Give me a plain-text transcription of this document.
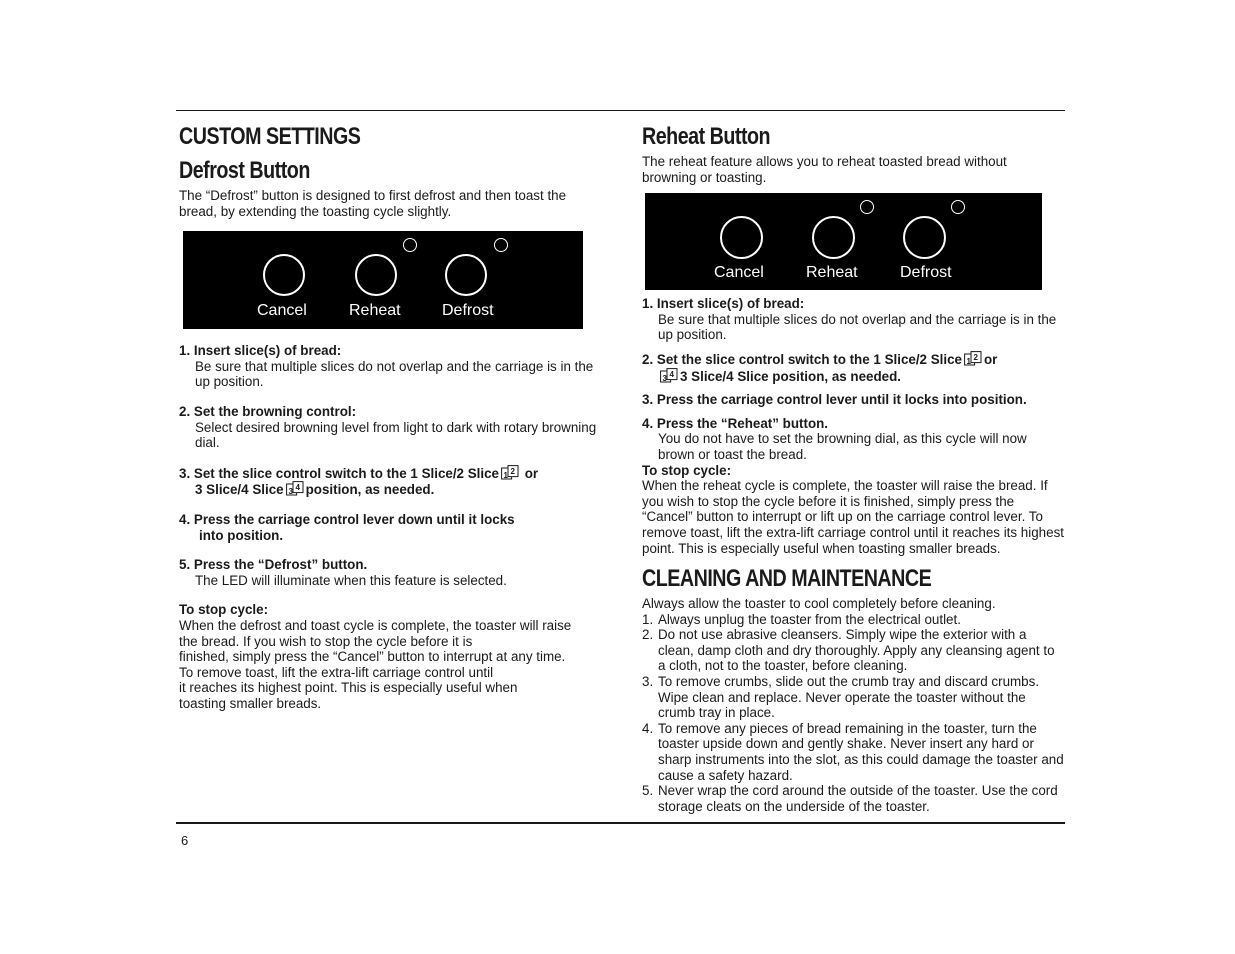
CUSTOM SETTINGS
Defrost Button

The “Defrost” button is designed to first defrost and then toast the bread, by extending the toasting cycle slightly.

Cancel	Reheat	Defrost
1. Insert slice(s) of bread:
Be sure that multiple slices do not overlap and the carriage is in the up position.
2. Set the browning control:
Select desired browning level from light to dark with rotary browning dial.
3. Set the slice control switch to the 1 Slice/2 Slice 1 2 or
3 Slice/4 Slice 3 4 position, as needed.
4. Press the carriage control lever down until it locks
into position.
5. Press the “Defrost” button.
The LED will illuminate when this feature is selected.
To stop cycle:
When the defrost and toast cycle is complete, the toaster will raise
the bread. If you wish to stop the cycle before it is
finished, simply press the “Cancel” button to interrupt at any time.
To remove toast, lift the extra-lift carriage control until
it reaches its highest point. This is especially useful when
toasting smaller breads.
Reheat Button

The reheat feature allows you to reheat toasted bread without browning or toasting.

Cancel	Reheat	Defrost
1. Insert slice(s) of bread:
Be sure that multiple slices do not overlap and the carriage is in the up position.
2. Set the slice control switch to the 1 Slice/2 Slice 1 2 or

3 4 3 Slice/4 Slice position, as needed.
3. Press the carriage control lever until it locks into position.
4. Press the “Reheat” button.
You do not have to set the browning dial, as this cycle will now brown or toast the bread.
To stop cycle:
When the reheat cycle is complete, the toaster will raise the bread. If you wish to stop the cycle before it is finished, simply press the “Cancel” button to interrupt or lift up on the carriage control lever. To remove toast, lift the extra-lift carriage control until it reaches its highest point. This is especially useful when toasting smaller breads.
CLEANING AND MAINTENANCE

Always allow the toaster to cool completely before cleaning.

1. Always unplug the toaster from the electrical outlet.
2. Do not use abrasive cleansers. Simply wipe the exterior with a clean, damp cloth and dry thoroughly. Apply any cleansing agent to a cloth, not to the toaster, before cleaning.
3. To remove crumbs, slide out the crumb tray and discard crumbs. Wipe clean and replace. Never operate the toaster without the crumb tray in place.
4. To remove any pieces of bread remaining in the toaster, turn the toaster upside down and gently shake. Never insert any hard or sharp instruments into the slot, as this could damage the toaster and cause a safety hazard.
5. Never wrap the cord around the outside of the toaster. Use the cord storage cleats on the underside of the toaster.
6
